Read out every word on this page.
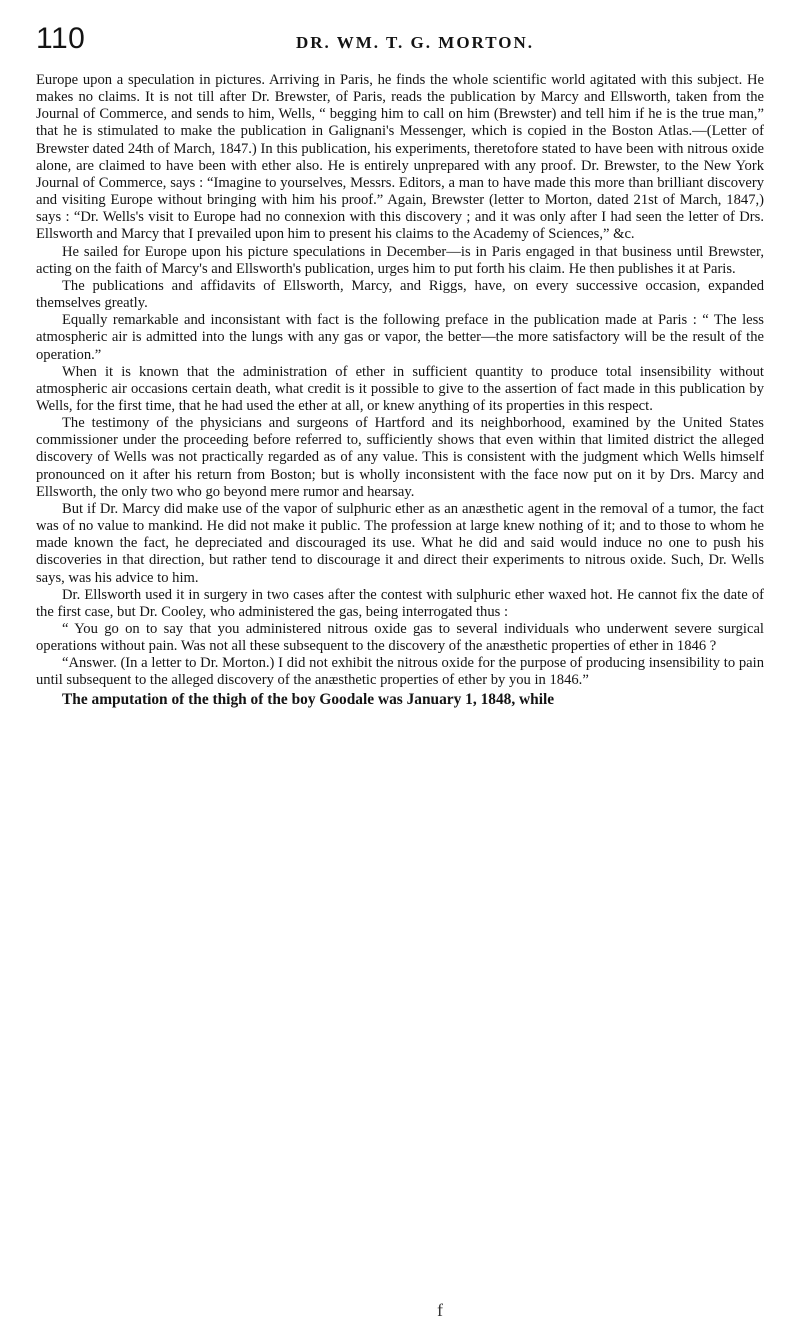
110	DR. WM. T. G. MORTON.

Europe upon a speculation in pictures. Arriving in Paris, he finds the whole scientific world agitated with this subject. He makes no claims. It is not till after Dr. Brewster, of Paris, reads the publication by Marcy and Ellsworth, taken from the Journal of Commerce, and sends to him, Wells, “ begging him to call on him (Brewster) and tell him if he is the true man,” that he is stimulated to make the publication in Galignani's Messenger, which is copied in the Boston Atlas.—(Letter of Brewster dated 24th of March, 1847.) In this publication, his experiments, theretofore stated to have been with nitrous oxide alone, are claimed to have been with ether also. He is entirely unprepared with any proof. Dr. Brewster, to the New York Journal of Commerce, says : “Imagine to yourselves, Messrs. Editors, a man to have made this more than brilliant discovery and visiting Europe without bringing with him his proof.” Again, Brewster (letter to Morton, dated 21st of March, 1847,) says : “Dr. Wells's visit to Europe had no connexion with this discovery ; and it was only after I had seen the letter of Drs. Ellsworth and Marcy that I prevailed upon him to present his claims to the Academy of Sciences,” &c.

He sailed for Europe upon his picture speculations in December—is in Paris engaged in that business until Brewster, acting on the faith of Marcy's and Ellsworth's publication, urges him to put forth his claim. He then publishes it at Paris.

The publications and affidavits of Ellsworth, Marcy, and Riggs, have, on every successive occasion, expanded themselves greatly.

Equally remarkable and inconsistant with fact is the following preface in the publication made at Paris : “ The less atmospheric air is admitted into the lungs with any gas or vapor, the better—the more satisfactory will be the result of the operation.”

When it is known that the administration of ether in sufficient quantity to produce total insensibility without atmospheric air occasions certain death, what credit is it possible to give to the assertion of fact made in this publication by Wells, for the first time, that he had used the ether at all, or knew anything of its properties in this respect.

The testimony of the physicians and surgeons of Hartford and its neighborhood, examined by the United States commissioner under the proceeding before referred to, sufficiently shows that even within that limited district the alleged discovery of Wells was not practically regarded as of any value. This is consistent with the judgment which Wells himself pronounced on it after his return from Boston; but is wholly inconsistent with the face now put on it by Drs. Marcy and Ellsworth, the only two who go beyond mere rumor and hearsay.

But if Dr. Marcy did make use of the vapor of sulphuric ether as an anæsthetic agent in the removal of a tumor, the fact was of no value to mankind. He did not make it public. The profession at large knew nothing of it; and to those to whom he made known the fact, he depreciated and discouraged its use. What he did and said would induce no one to push his discoveries in that direction, but rather tend to discourage it and direct their experiments to nitrous oxide. Such, Dr. Wells says, was his advice to him.

Dr. Ellsworth used it in surgery in two cases after the contest with sulphuric ether waxed hot. He cannot fix the date of the first case, but Dr. Cooley, who administered the gas, being interrogated thus :

“ You go on to say that you administered nitrous oxide gas to several individuals who underwent severe surgical operations without pain. Was not all these subsequent to the discovery of the anæsthetic properties of ether in 1846 ?

“Answer. (In a letter to Dr. Morton.) I did not exhibit the nitrous oxide for the purpose of producing insensibility to pain until subsequent to the alleged discovery of the anæsthetic properties of ether by you in 1846.”

The amputation of the thigh of the boy Goodale was January 1, 1848, while

f
